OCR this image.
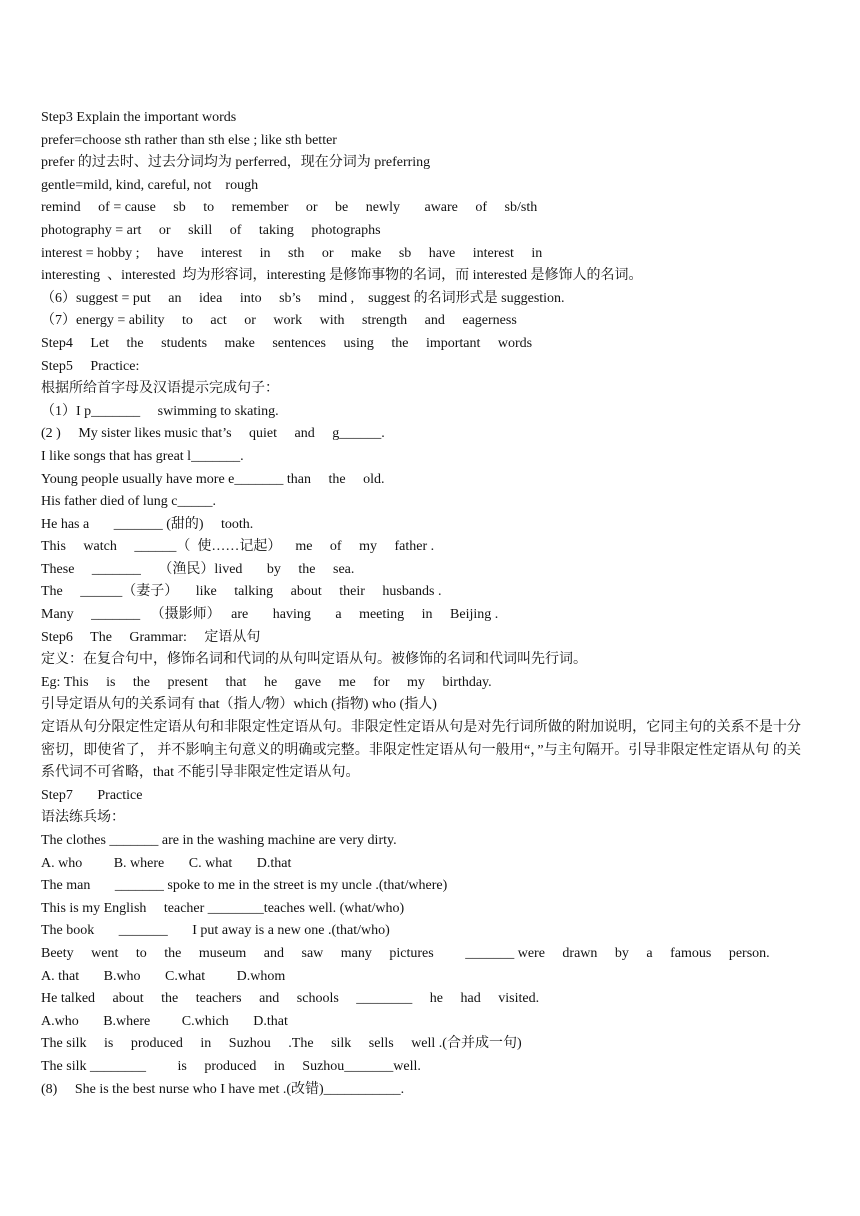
Step3 Explain the important words
prefer=choose sth rather than sth else ; like sth better
prefer 的过去时、过去分词均为 perferred，现在分词为 preferring
gentle=mild, kind, careful, not    rough
remind     of = cause     sb     to     remember     or     be     newly       aware     of     sb/sth
photography = art     or     skill     of     taking     photographs
interest = hobby ;     have     interest     in     sth     or     make     sb     have     interest     in
interesting  、interested  均为形容词，interesting 是修饰事物的名词，而 interested 是修饰人的名词。
（6）suggest = put     an     idea     into     sb’s     mind ,    suggest 的名词形式是 suggestion.
（7）energy = ability     to     act     or     work     with     strength     and     eagerness
Step4     Let     the     students     make     sentences     using     the     important     words
Step5     Practice:
根据所给首字母及汉语提示完成句子：
（1）I p_______     swimming to skating.
(2 )     My sister likes music that’s     quiet     and     g______.
I like songs that has great l_______.
Young people usually have more e_______ than     the     old.
His father died of lung c_____.
He has a       _______ (甜的)     tooth.
This     watch     ______（  使……记起）    me     of     my     father .
These     _______     （渔民）lived       by     the     sea.
The     ______（妻子）     like     talking     about     their     husbands .
Many     _______   （摄影师）   are       having       a     meeting     in     Beijing .
Step6     The     Grammar:     定语从句
定义：在复合句中，修饰名词和代词的从句叫定语从句。被修饰的名词和代词叫先行词。
Eg: This     is     the     present     that     he     gave     me     for     my     birthday.
引导定语从句的关系词有 that（指人/物）which (指物) who (指人)
定语从句分限定性定语从句和非限定性定语从句。非限定性定语从句是对先行词所做的附加说明，它同主句的关系不是十分密切，即使省了， 并不影响主句意义的明确或完整。非限定性定语从句一般用“，”与主句隔开。引导非限定性定语从句 的关系代词不可省略，that 不能引导非限定性定语从句。
Step7       Practice
语法练兵场：
The clothes _______ are in the washing machine are very dirty.
A. who         B. where       C. what       D.that
The man       _______ spoke to me in the street is my uncle .(that/where)
This is my English     teacher ________teaches well. (what/who)
The book       _______       I put away is a new one .(that/who)
Beety     went     to     the     museum     and     saw     many     pictures         _______ were     drawn     by     a     famous     person.
A. that       B.who       C.what         D.whom
He talked     about     the     teachers     and     schools     ________     he     had     visited.
A.who       B.where         C.which       D.that
The silk     is     produced     in     Suzhou     .The     silk     sells     well .(合并成一句)
The silk ________         is     produced     in     Suzhou_______well.
(8)     She is the best nurse who I have met .(改错)___________.
